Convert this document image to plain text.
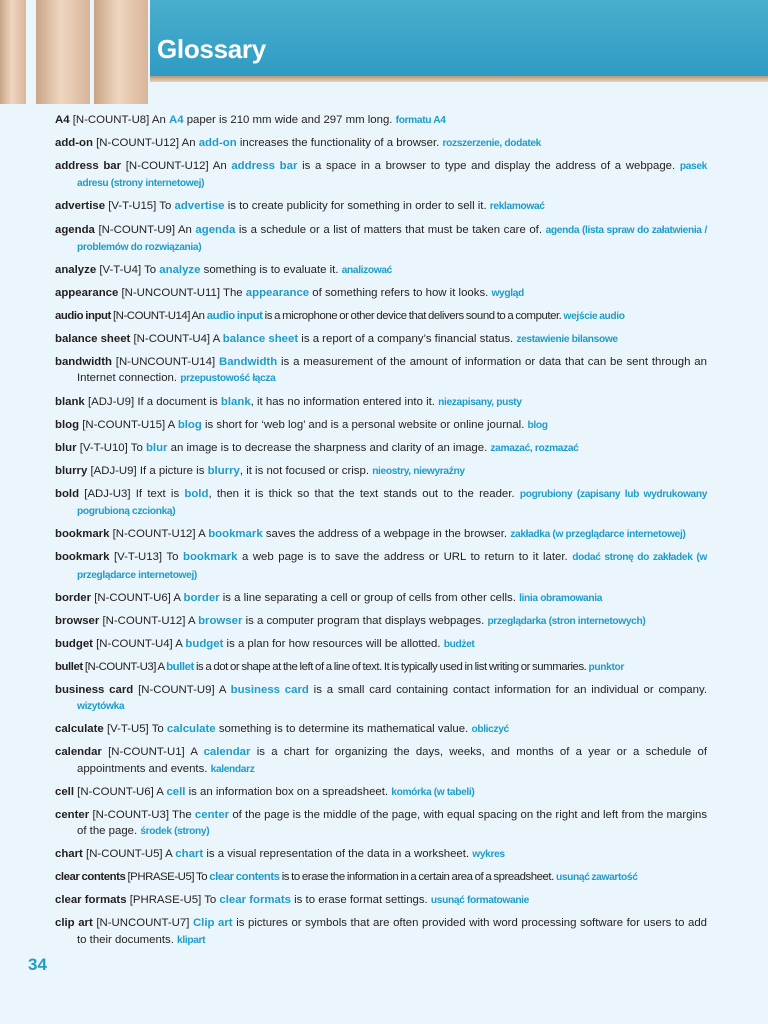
Glossary

A4 [N-COUNT-U8] An A4 paper is 210 mm wide and 297 mm long. formatu A4

add-on [N-COUNT-U12] An add-on increases the functionality of a browser. rozszerzenie, dodatek

address bar [N-COUNT-U12] An address bar is a space in a browser to type and display the address of a webpage. pasek adresu (strony internetowej)

advertise [V-T-U15] To advertise is to create publicity for something in order to sell it. reklamować

agenda [N-COUNT-U9] An agenda is a schedule or a list of matters that must be taken care of. agenda (lista spraw do załatwienia / problemów do rozwiązania)

analyze [V-T-U4] To analyze something is to evaluate it. analizować

appearance [N-UNCOUNT-U11] The appearance of something refers to how it looks. wygląd

audio input [N-COUNT-U14] An audio input is a microphone or other device that delivers sound to a computer. wejście audio

balance sheet [N-COUNT-U4] A balance sheet is a report of a company’s financial status. zestawienie bilansowe

bandwidth [N-UNCOUNT-U14] Bandwidth is a measurement of the amount of information or data that can be sent through an Internet connection. przepustowość łącza

blank [ADJ-U9] If a document is blank, it has no information entered into it. niezapisany, pusty

blog [N-COUNT-U15] A blog is short for ‘web log’ and is a personal website or online journal. blog

blur [V-T-U10] To blur an image is to decrease the sharpness and clarity of an image. zamazać, rozmazać

blurry [ADJ-U9] If a picture is blurry, it is not focused or crisp. nieostry, niewyraźny

bold [ADJ-U3] If text is bold, then it is thick so that the text stands out to the reader. pogrubiony (zapisany lub wydrukowany pogrubioną czcionką)

bookmark [N-COUNT-U12] A bookmark saves the address of a webpage in the browser. zakładka (w przeglądarce internetowej)

bookmark [V-T-U13] To bookmark a web page is to save the address or URL to return to it later. dodać stronę do zakładek (w przeglądarce internetowej)

border [N-COUNT-U6] A border is a line separating a cell or group of cells from other cells. linia obramowania

browser [N-COUNT-U12] A browser is a computer program that displays webpages. przeglądarka (stron internetowych)

budget [N-COUNT-U4] A budget is a plan for how resources will be allotted. budżet

bullet [N-COUNT-U3] A bullet is a dot or shape at the left of a line of text. It is typically used in list writing or summaries. punktor

business card [N-COUNT-U9] A business card is a small card containing contact information for an individual or company. wizytówka

calculate [V-T-U5] To calculate something is to determine its mathematical value. obliczyć

calendar [N-COUNT-U1] A calendar is a chart for organizing the days, weeks, and months of a year or a schedule of appointments and events. kalendarz

cell [N-COUNT-U6] A cell is an information box on a spreadsheet. komórka (w tabeli)

center [N-COUNT-U3] The center of the page is the middle of the page, with equal spacing on the right and left from the margins of the page. środek (strony)

chart [N-COUNT-U5] A chart is a visual representation of the data in a worksheet. wykres

clear contents [PHRASE-U5] To clear contents is to erase the information in a certain area of a spreadsheet. usunąć zawartość

clear formats [PHRASE-U5] To clear formats is to erase format settings. usunąć formatowanie

clip art [N-UNCOUNT-U7] Clip art is pictures or symbols that are often provided with word processing software for users to add to their documents. klipart

34
